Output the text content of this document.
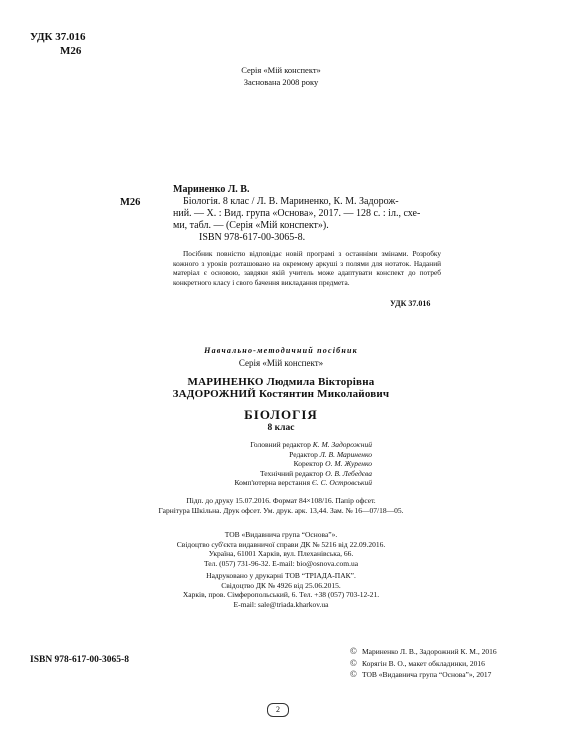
УДК 37.016
М26
Серія «Мій конспект»
Заснована 2008 року
М26

Мариненко Л. В.

Біологія. 8 клас / Л. В. Мариненко, К. М. Задорож-

ний. — Х. : Вид. група «Основа», 2017. — 128 с. : іл., схе-

ми, табл. — (Серія «Мій конспект»).

ISBN 978-617-00-3065-8.

Посібник повністю відповідає новій програмі з останніми змінами. Розробку кожного з уроків розташовано на окремому аркуші з полями для нотаток. Наданий матеріал є основою, завдяки якій учитель може адаптувати конспект до потреб конкретного класу і свого бачення викладання предмета.

УДК 37.016
Навчально-методичний посібник
Серія «Мій конспект»
МАРИНЕНКО Людмила Вікторівна
ЗАДОРОЖНИЙ Костянтин Миколайович
БІОЛОГІЯ
8 клас
Головний редактор К. М. Задорожний
Редактор Л. В. Мариненко
Коректор О. М. Журенко
Технічний редактор О. В. Лебедєва
Комп'ютерна верстання Є. С. Островський
Підп. до друку 15.07.2016. Формат 84×108/16. Папір офсет.
Гарнітура Шкільна. Друк офсет. Ум. друк. арк. 13,44. Зам. № 16—07/18—05.
ТОВ «Видавнича група “Основа”».
Свідоцтво суб'єкта видавничої справи ДК № 5216 від 22.09.2016.
Україна, 61001 Харків, вул. Плеханівська, 66.
Тел. (057) 731-96-32. E-mail: bio@osnova.com.ua
Надруковано у друкарні ТОВ “ТРІАДА-ПАК”.
Свідоцтво ДК № 4926 від 25.06.2015.
Харків, пров. Сімферопольський, 6. Тел. +38 (057) 703-12-21.
E-mail: sale@triada.kharkov.ua
ISBN 978-617-00-3065-8
© Мариненко Л. В., Задорожний К. М., 2016
© Корягін В. О., макет обкладинки, 2016
© ТОВ «Видавнича група “Основа”», 2017
2
